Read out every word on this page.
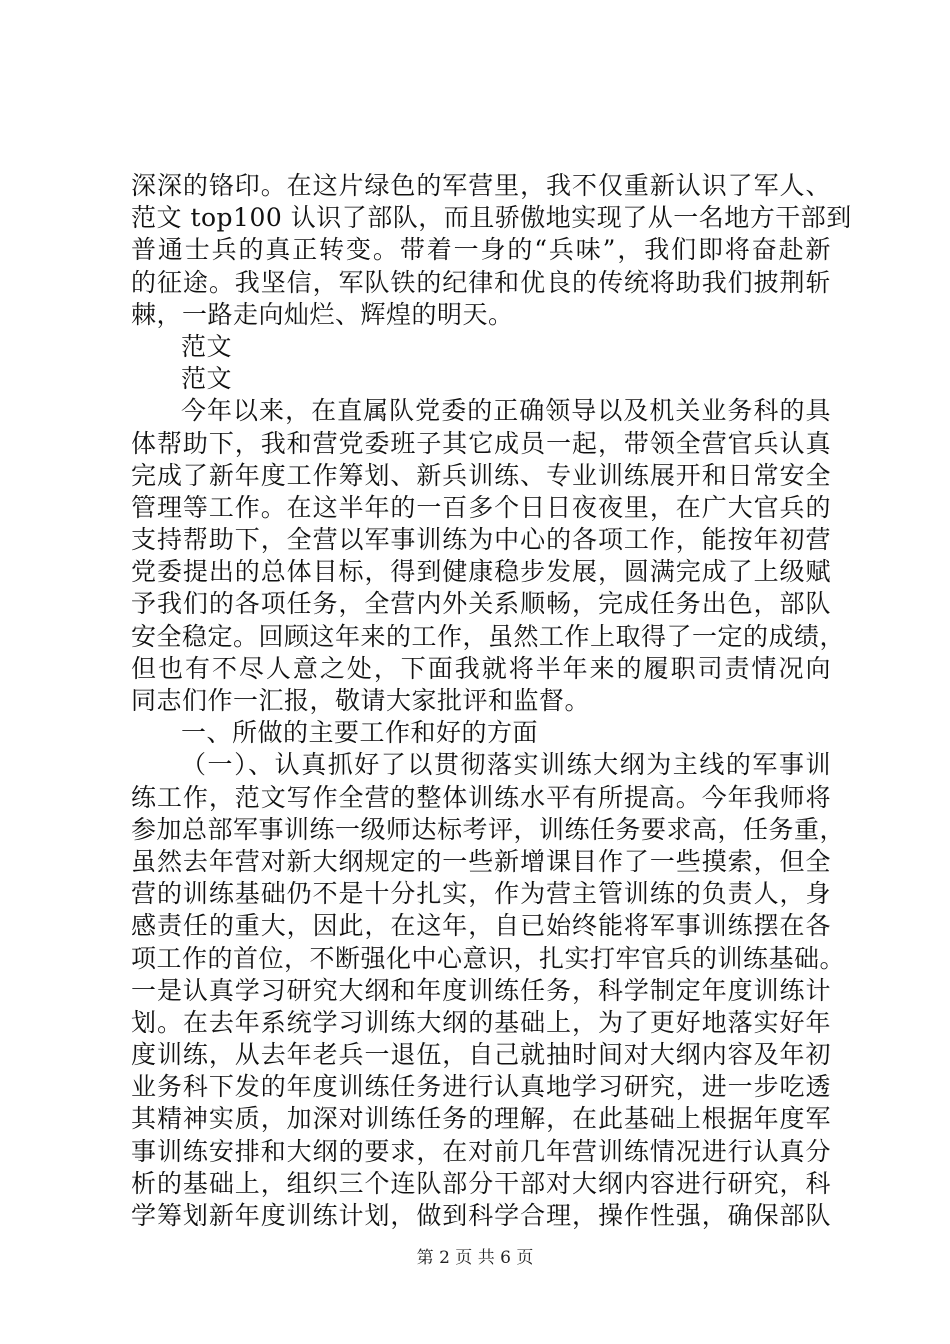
深深的铬印。在这片绿色的军营里，我不仅重新认识了军人、
范文 top100 认识了部队，而且骄傲地实现了从一名地方干部到
普通士兵的真正转变。带着一身的“兵味”，我们即将奋赴新
的征途。我坚信，军队铁的纪律和优良的传统将助我们披荆斩
棘，一路走向灿烂、辉煌的明天。
范文
范文
今年以来，在直属队党委的正确领导以及机关业务科的具
体帮助下，我和营党委班子其它成员一起，带领全营官兵认真
完成了新年度工作筹划、新兵训练、专业训练展开和日常安全
管理等工作。在这半年的一百多个日日夜夜里，在广大官兵的
支持帮助下，全营以军事训练为中心的各项工作，能按年初营
党委提出的总体目标，得到健康稳步发展，圆满完成了上级赋
予我们的各项任务，全营内外关系顺畅，完成任务出色，部队
安全稳定。回顾这年来的工作，虽然工作上取得了一定的成绩，
但也有不尽人意之处，下面我就将半年来的履职司责情况向
同志们作一汇报，敬请大家批评和监督。
一、所做的主要工作和好的方面
（一）、认真抓好了以贯彻落实训练大纲为主线的军事训
练工作，范文写作全营的整体训练水平有所提高。今年我师将
参加总部军事训练一级师达标考评，训练任务要求高，任务重，
虽然去年营对新大纲规定的一些新增课目作了一些摸索，但全
营的训练基础仍不是十分扎实，作为营主管训练的负责人，身
感责任的重大，因此，在这年，自已始终能将军事训练摆在各
项工作的首位，不断强化中心意识，扎实打牢官兵的训练基础。
一是认真学习研究大纲和年度训练任务，科学制定年度训练计
划。在去年系统学习训练大纲的基础上，为了更好地落实好年
度训练，从去年老兵一退伍，自己就抽时间对大纲内容及年初
业务科下发的年度训练任务进行认真地学习研究，进一步吃透
其精神实质，加深对训练任务的理解，在此基础上根据年度军
事训练安排和大纲的要求，在对前几年营训练情况进行认真分
析的基础上，组织三个连队部分干部对大纲内容进行研究，科
学筹划新年度训练计划，做到科学合理，操作性强，确保部队
第 2 页 共 6 页
